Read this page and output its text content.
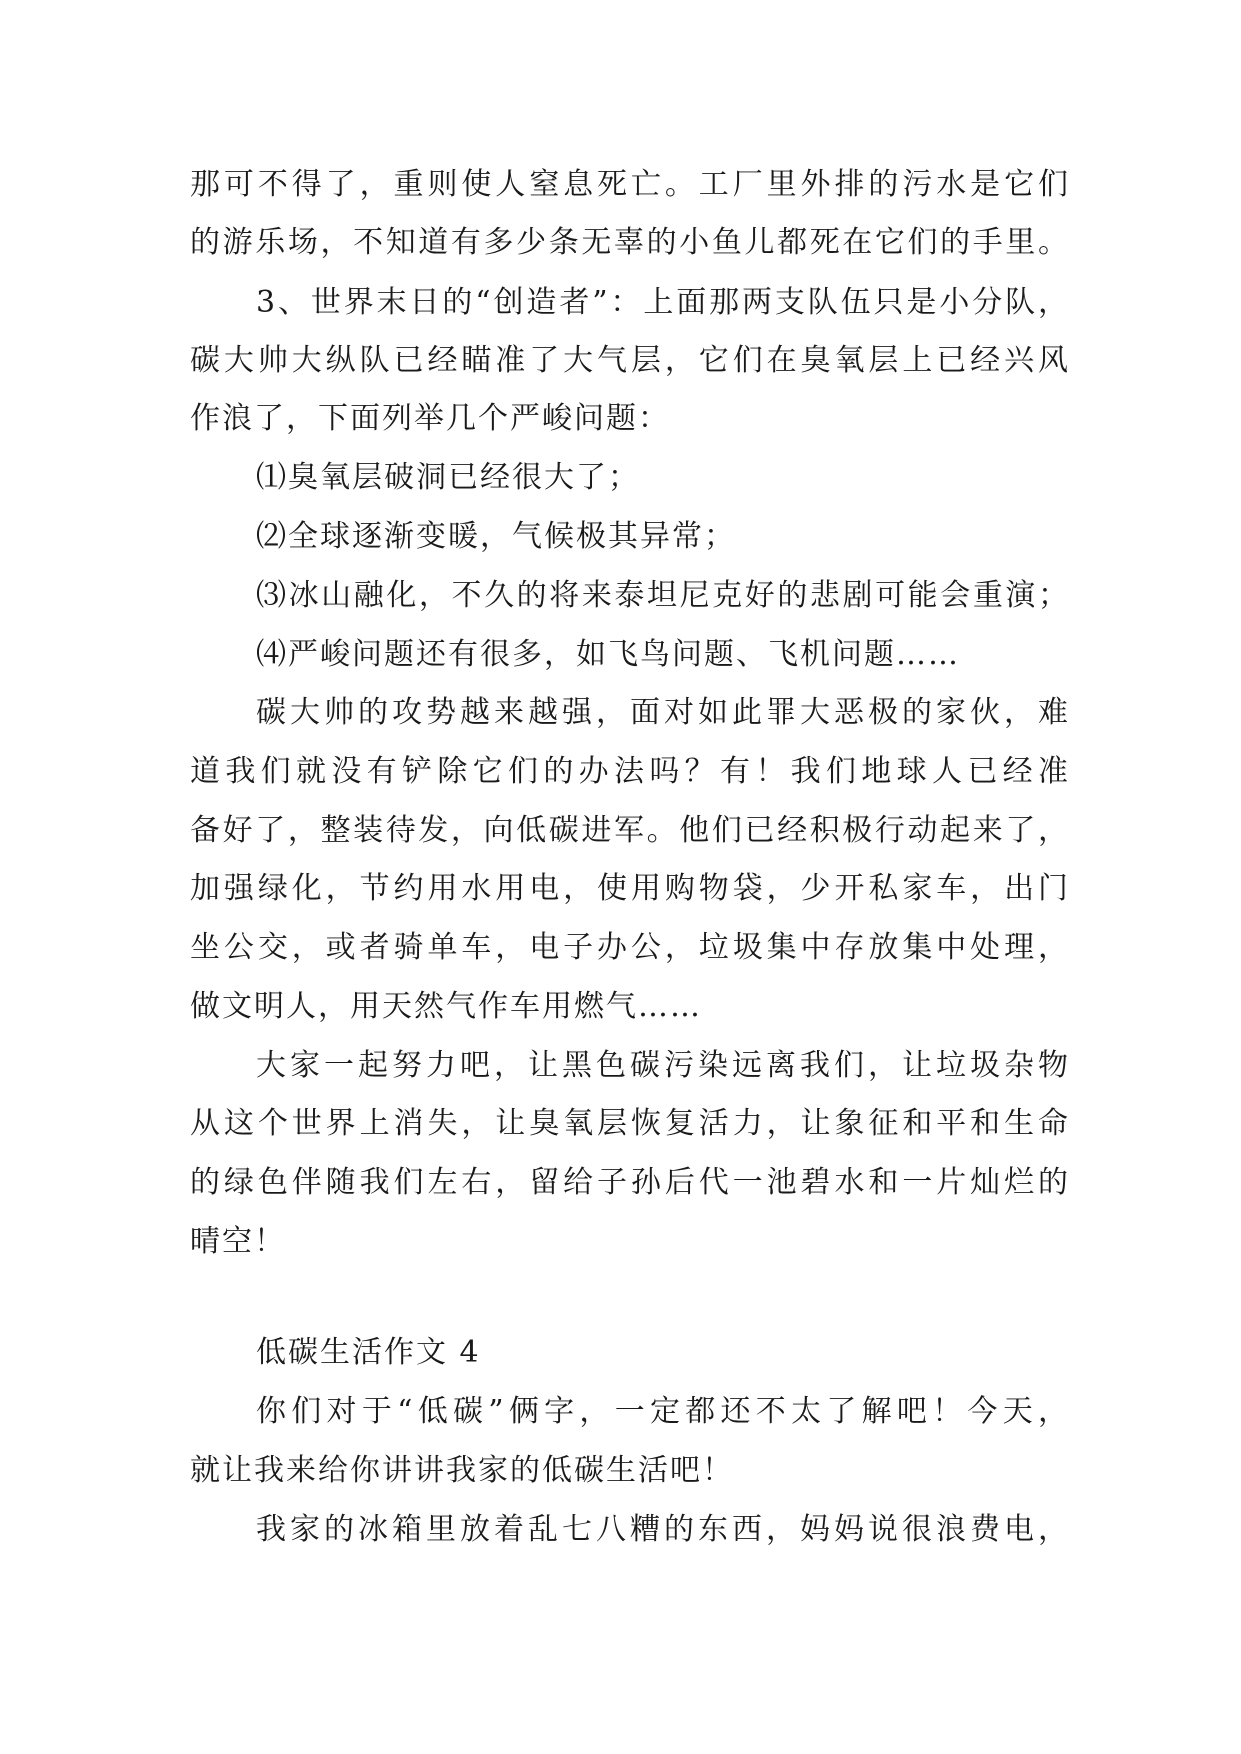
那可不得了，重则使人窒息死亡。工厂里外排的污水是它们
的游乐场，不知道有多少条无辜的小鱼儿都死在它们的手里。
3、世界末日的“创造者”：上面那两支队伍只是小分队，
碳大帅大纵队已经瞄准了大气层，它们在臭氧层上已经兴风
作浪了，下面列举几个严峻问题：
⑴臭氧层破洞已经很大了；
⑵全球逐渐变暖，气候极其异常；
⑶冰山融化，不久的将来泰坦尼克好的悲剧可能会重演；
⑷严峻问题还有很多，如飞鸟问题、飞机问题……
碳大帅的攻势越来越强，面对如此罪大恶极的家伙，难
道我们就没有铲除它们的办法吗？有！我们地球人已经准
备好了，整装待发，向低碳进军。他们已经积极行动起来了，
加强绿化，节约用水用电，使用购物袋，少开私家车，出门
坐公交，或者骑单车，电子办公，垃圾集中存放集中处理，
做文明人，用天然气作车用燃气……
大家一起努力吧，让黑色碳污染远离我们，让垃圾杂物
从这个世界上消失，让臭氧层恢复活力，让象征和平和生命
的绿色伴随我们左右，留给子孙后代一池碧水和一片灿烂的
晴空！
低碳生活作文 4
你们对于“低碳”俩字，一定都还不太了解吧！今天，
就让我来给你讲讲我家的低碳生活吧！
我家的冰箱里放着乱七八糟的东西，妈妈说很浪费电，
